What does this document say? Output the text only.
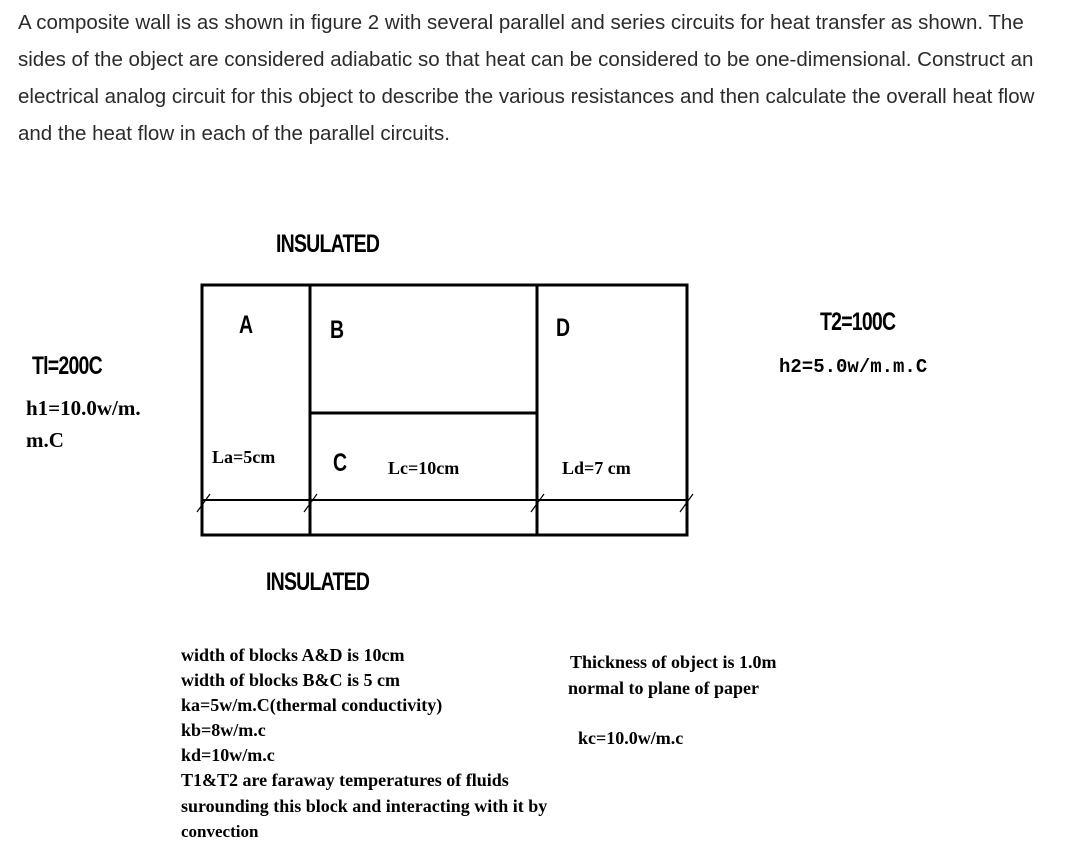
A composite wall is as shown in figure 2 with several parallel and series circuits for heat transfer as shown. The sides of the object are considered adiabatic so that heat can be considered to be one-dimensional. Construct an electrical analog circuit for this object to describe the various resistances and then calculate the overall heat flow and the heat flow in each of the parallel circuits.

INSULATED
INSULATED
A	B
C
D
Tl=200C
h1=10.0w/m.
m.C
T2=100C
h2=5.0w/m.m.C
La=5cm
Lc=10cm	Ld=7 cm
width of blocks A&D is 10cm
width of blocks B&C is 5 cm
ka=5w/m.C(thermal conductivity)
kb=8w/m.c
kd=10w/m.c
T1&T2 are faraway temperatures of fluids
surounding this block and interacting with it by
convection
Thickness of object is 1.0m
normal to plane of paper
kc=10.0w/m.c
